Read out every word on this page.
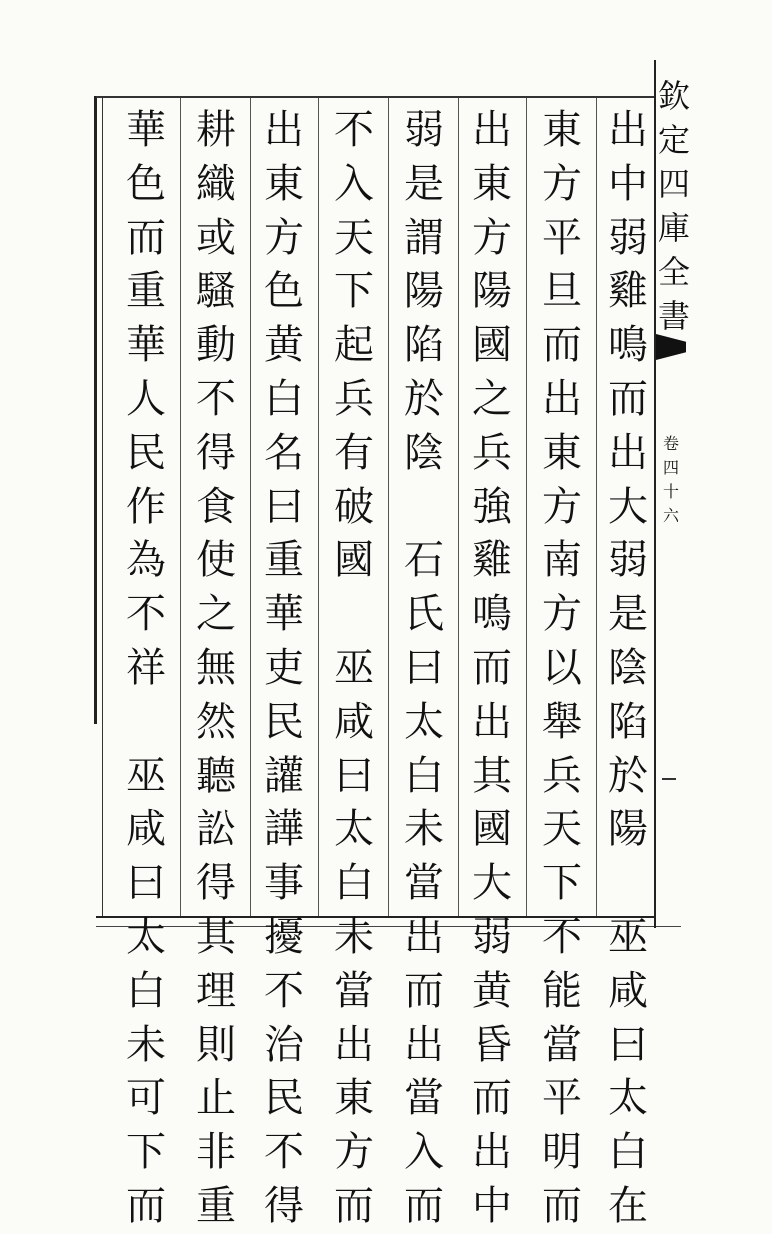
欽
定
四
庫
全
書
卷
四
十
六
出
中
弱
雞
鳴
而
出
大
弱
是
陰
陷
於
陽

巫
咸
曰
太
白
在
東
方
平
旦
而
出
東
方
南
方
以
舉
兵
天
下
不
能
當
平
明
而
出
東
方
陽
國
之
兵
強
雞
鳴
而
出
其
國
大
弱
黄
昏
而
出
中
弱
是
謂
陽
陷
於
陰

石
氏
曰
太
白
未
當
出
而
出
當
入
而
不
入
天
下
起
兵
有
破
國

巫
咸
曰
太
白
未
當
出
東
方
而
出
東
方
色
黄
白
名
曰
重
華
吏
民
讙
譁
事
擾
不
治
民
不
得
耕
織
或
騷
動
不
得
食
使
之
無
然
聽
訟
得
其
理
則
止
非
重
華
色
而
重
華
人
民
作
為
不
祥

巫
咸
曰
太
白
未
可
下
而
